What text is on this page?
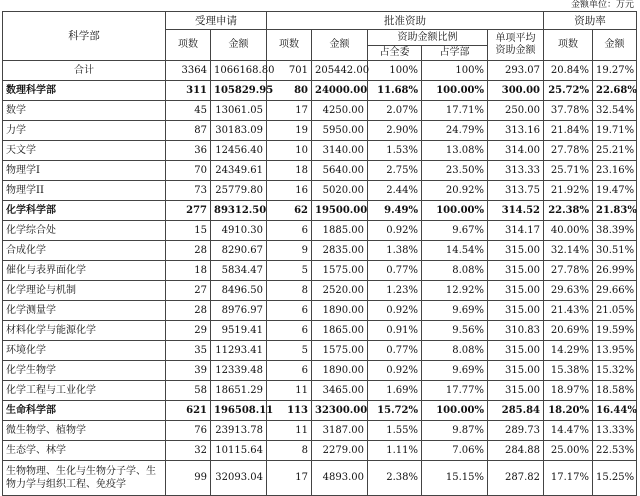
金额单位：万元
科学部	受理申请		批准资助					资助率	
	项数	金额	项数	金额	资助金额比例		单项平均资助金额	项数	金额
					占全委	占学部			
合计	3364	1066168.80	701	205442.00	100%	100%	293.07	20.84%	19.27%
数理科学部	311	105829.95	80	24000.00	11.68%	100.00%	300.00	25.72%	22.68%
数学	45	13061.05	17	4250.00	2.07%	17.71%	250.00	37.78%	32.54%
力学	87	30183.09	19	5950.00	2.90%	24.79%	313.16	21.84%	19.71%
天文学	36	12456.40	10	3140.00	1.53%	13.08%	314.00	27.78%	25.21%
物理学I	70	24349.61	18	5640.00	2.75%	23.50%	313.33	25.71%	23.16%
物理学II	73	25779.80	16	5020.00	2.44%	20.92%	313.75	21.92%	19.47%
化学科学部	277	89312.50	62	19500.00	9.49%	100.00%	314.52	22.38%	21.83%
化学综合处	15	4910.30	6	1885.00	0.92%	9.67%	314.17	40.00%	38.39%
合成化学	28	8290.67	9	2835.00	1.38%	14.54%	315.00	32.14%	30.51%
催化与表界面化学	18	5834.47	5	1575.00	0.77%	8.08%	315.00	27.78%	26.99%
化学理论与机制	27	8496.50	8	2520.00	1.23%	12.92%	315.00	29.63%	29.66%
化学测量学	28	8976.97	6	1890.00	0.92%	9.69%	315.00	21.43%	21.05%
材料化学与能源化学	29	9519.41	6	1865.00	0.91%	9.56%	310.83	20.69%	19.59%
环境化学	35	11293.41	5	1575.00	0.77%	8.08%	315.00	14.29%	13.95%
化学生物学	39	12339.48	6	1890.00	0.92%	9.69%	315.00	15.38%	15.32%
化学工程与工业化学	58	18651.29	11	3465.00	1.69%	17.77%	315.00	18.97%	18.58%
生命科学部	621	196508.11	113	32300.00	15.72%	100.00%	285.84	18.20%	16.44%
微生物学、植物学	76	23913.78	11	3187.00	1.55%	9.87%	289.73	14.47%	13.33%
生态学、林学	32	10115.64	8	2279.00	1.11%	7.06%	284.88	25.00%	22.53%
生物物理、生化与生物分子学、生物力学与组织工程、免疫学	99	32093.04	17	4893.00	2.38%	15.15%	287.82	17.17%	15.25%
